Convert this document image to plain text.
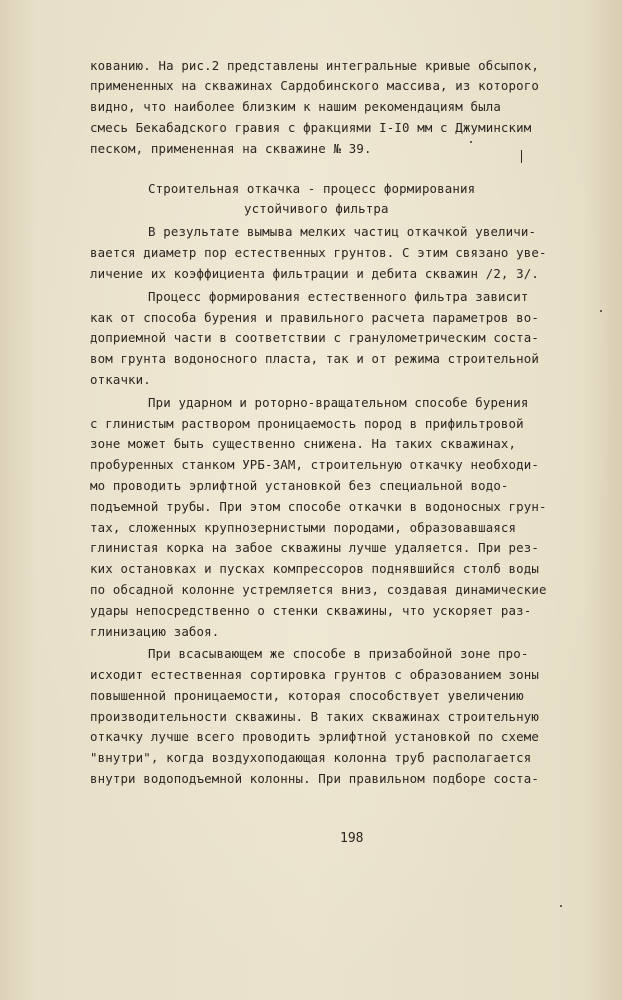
кованию. На рис.2 представлены интегральные кривые обсыпок,
примененных на скважинах Сардобинского массива, из которого
видно, что наиболее близким к нашим рекомендациям была
смесь Бекабадского гравия с фракциями I-I0 мм с Джуминским
песком, примененная на скважине № 39.
Строительная откачка - процесс формирования
устойчивого фильтра
В результате вымыва мелких частиц откачкой увеличи-
вается диаметр пор естественных грунтов. С этим связано уве-
личение их коэффициента фильтрации и дебита скважин /2, 3/.
Процесс формирования естественного фильтра зависит
как от способа бурения и правильного расчета параметров во-
доприемной части в соответствии с гранулометрическим соста-
вом грунта водоносного пласта, так и от режима строительной
откачки.
При ударном и роторно-вращательном способе бурения
с глинистым раствором проницаемость пород в прифильтровой
зоне может быть существенно снижена. На таких скважинах,
пробуренных станком УРБ-ЗАМ, строительную откачку необходи-
мо проводить эрлифтной установкой без специальной водо-
подъемной трубы. При этом способе откачки в водоносных грун-
тах, сложенных крупнозернистыми породами, образовавшаяся
глинистая корка на забое скважины лучше удаляется. При рез-
ких остановках и пусках компрессоров поднявшийся столб воды
по обсадной колонне устремляется вниз, создавая динамические
удары непосредственно о стенки скважины, что ускоряет раз-
глинизацию забоя.
При всасывающем же способе в призабойной зоне про-
исходит естественная сортировка грунтов с образованием зоны
повышенной проницаемости, которая способствует увеличению
производительности скважины. В таких скважинах строительную
откачку лучше всего проводить эрлифтной установкой по схеме
"внутри", когда воздухоподающая колонна труб располагается
внутри водоподъемной колонны. При правильном подборе соста-
198
